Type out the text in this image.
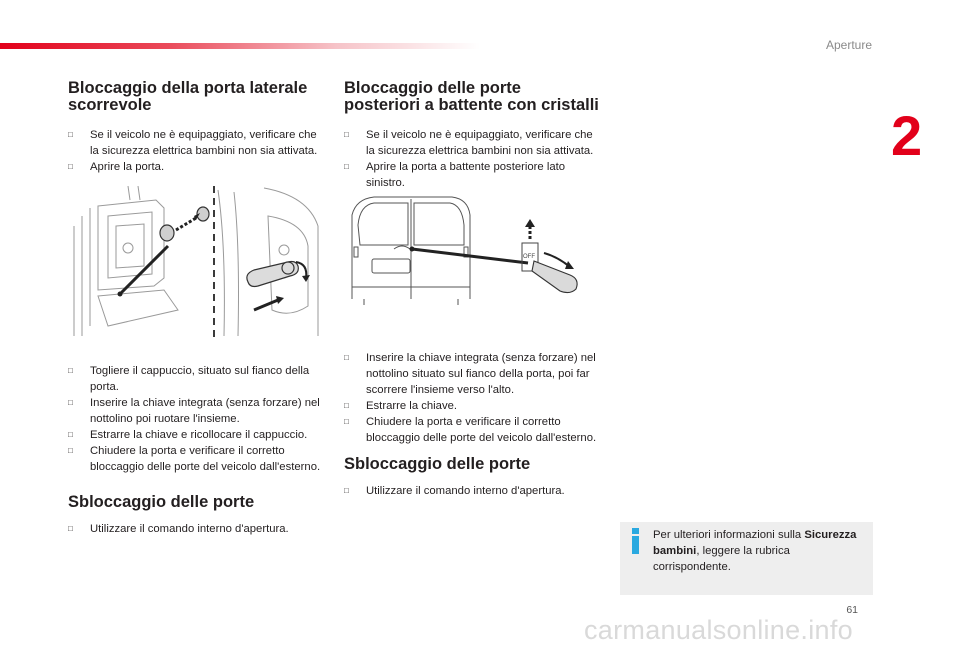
Aperture
2
Bloccaggio della porta laterale scorrevole
□ Se il veicolo ne è equipaggiato, verificare che la sicurezza elettrica bambini non sia attivata.
□ Aprire la porta.
□ Togliere il cappuccio, situato sul fianco della porta.
□ Inserire la chiave integrata (senza forzare) nel nottolino poi ruotare l'insieme.
□ Estrarre la chiave e ricollocare il cappuccio.
□ Chiudere la porta e verificare il corretto bloccaggio delle porte del veicolo dall'esterno.
Sbloccaggio delle porte
□ Utilizzare il comando interno d'apertura.
Bloccaggio delle porte posteriori a battente con cristalli
□ Se il veicolo ne è equipaggiato, verificare che la sicurezza elettrica bambini non sia attivata.
□ Aprire la porta a battente posteriore lato sinistro.
OFF
□ Inserire la chiave integrata (senza forzare) nel nottolino situato sul fianco della porta, poi far scorrere l'insieme verso l'alto.
□ Estrarre la chiave.
□ Chiudere la porta e verificare il corretto bloccaggio delle porte del veicolo dall'esterno.
Sbloccaggio delle porte
□ Utilizzare il comando interno d'apertura.
Per ulteriori informazioni sulla Sicurezza bambini, leggere la rubrica corrispondente.
61
carmanualsonline.info
